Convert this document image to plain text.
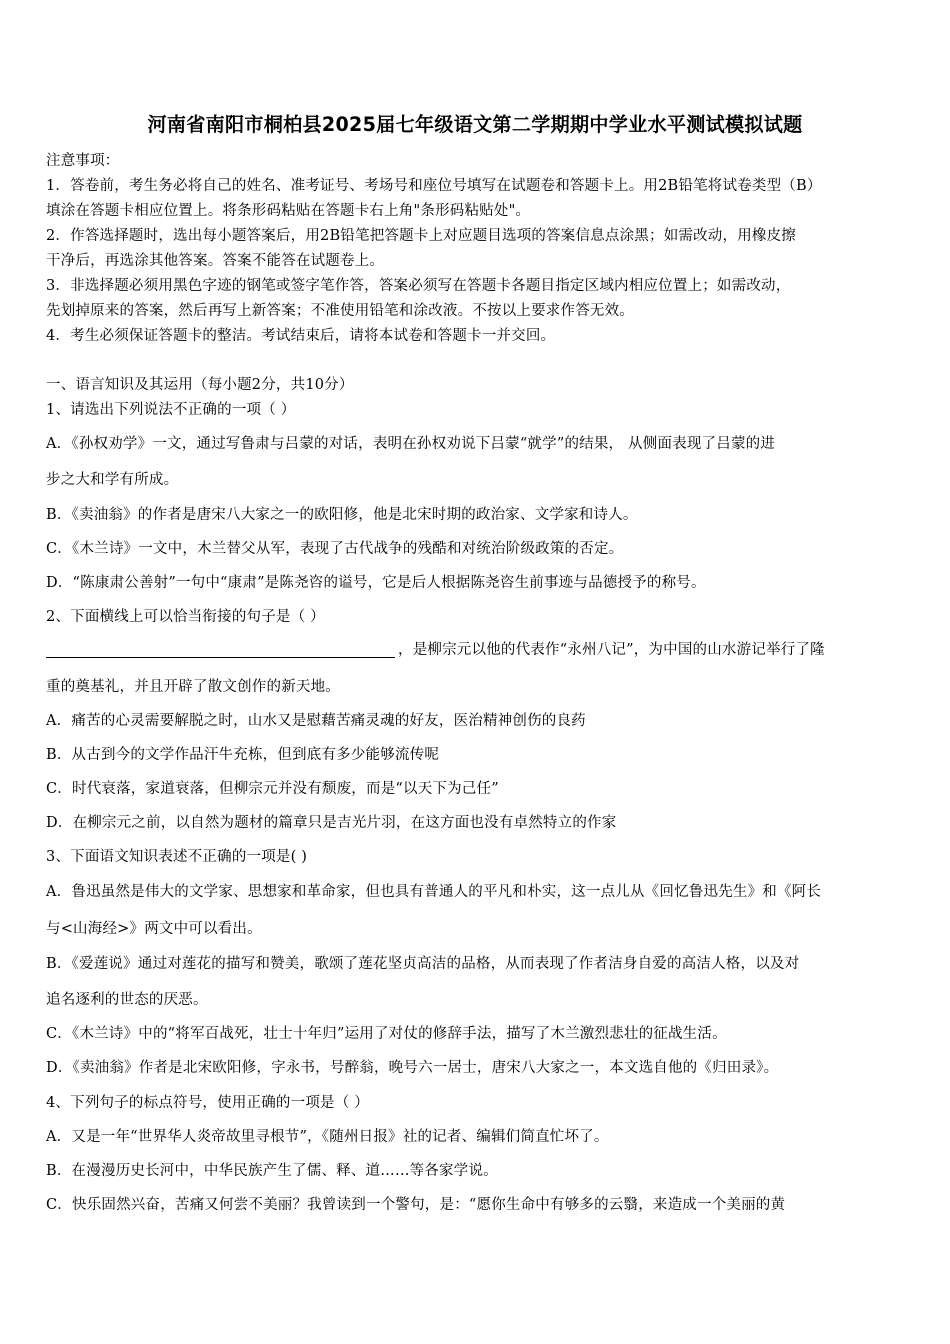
河南省南阳市桐柏县2025届七年级语文第二学期期中学业水平测试模拟试题
注意事项：
1．答卷前，考生务必将自己的姓名、准考证号、考场号和座位号填写在试题卷和答题卡上。用2B铅笔将试卷类型（B）
填涂在答题卡相应位置上。将条形码粘贴在答题卡右上角"条形码粘贴处"。
2．作答选择题时，选出每小题答案后，用2B铅笔把答题卡上对应题目选项的答案信息点涂黑；如需改动，用橡皮擦
干净后，再选涂其他答案。答案不能答在试题卷上。
3．非选择题必须用黑色字迹的钢笔或签字笔作答，答案必须写在答题卡各题目指定区域内相应位置上；如需改动，
先划掉原来的答案，然后再写上新答案；不准使用铅笔和涂改液。不按以上要求作答无效。
4．考生必须保证答题卡的整洁。考试结束后，请将本试卷和答题卡一并交回。
一、语言知识及其运用（每小题2分，共10分）
1、请选出下列说法不正确的一项（ ）
A．《孙权劝学》一文，通过写鲁肃与吕蒙的对话，表明在孙权劝说下吕蒙“就学”的结果， 从侧面表现了吕蒙的进
步之大和学有所成。
B．《卖油翁》的作者是唐宋八大家之一的欧阳修，他是北宋时期的政治家、文学家和诗人。
C．《木兰诗》一文中，木兰替父从军，表现了古代战争的残酷和对统治阶级政策的否定。
D．“陈康肃公善射”一句中“康肃”是陈尧咨的谥号，它是后人根据陈尧咨生前事迹与品德授予的称号。
2、下面横线上可以恰当衔接的句子是（ ）
，是柳宗元以他的代表作“永州八记”，为中国的山水游记举行了隆
重的奠基礼，并且开辟了散文创作的新天地。
A．痛苦的心灵需要解脱之时，山水又是慰藉苦痛灵魂的好友，医治精神创伤的良药
B．从古到今的文学作品汗牛充栋，但到底有多少能够流传呢
C．时代衰落，家道衰落，但柳宗元并没有颓废，而是“以天下为己任”
D．在柳宗元之前，以自然为题材的篇章只是吉光片羽，在这方面也没有卓然特立的作家
3、下面语文知识表述不正确的一项是( )
A．鲁迅虽然是伟大的文学家、思想家和革命家，但也具有普通人的平凡和朴实，这一点儿从《回忆鲁迅先生》和《阿长
与<山海经>》两文中可以看出。
B．《爱莲说》通过对莲花的描写和赞美，歌颂了莲花坚贞高洁的品格，从而表现了作者洁身自爱的高洁人格，以及对
追名逐利的世态的厌恶。
C．《木兰诗》中的“将军百战死，壮士十年归”运用了对仗的修辞手法，描写了木兰激烈悲壮的征战生活。
D．《卖油翁》作者是北宋欧阳修，字永书，号醉翁，晚号六一居士，唐宋八大家之一，本文选自他的《归田录》。
4、下列句子的标点符号，使用正确的一项是（ ）
A．又是一年“世界华人炎帝故里寻根节”，《随州日报》社的记者、编辑们简直忙坏了。
B．在漫漫历史长河中，中华民族产生了儒、释、道……等各家学说。
C．快乐固然兴奋，苦痛又何尝不美丽？我曾读到一个警句，是：“愿你生命中有够多的云翳，来造成一个美丽的黄
